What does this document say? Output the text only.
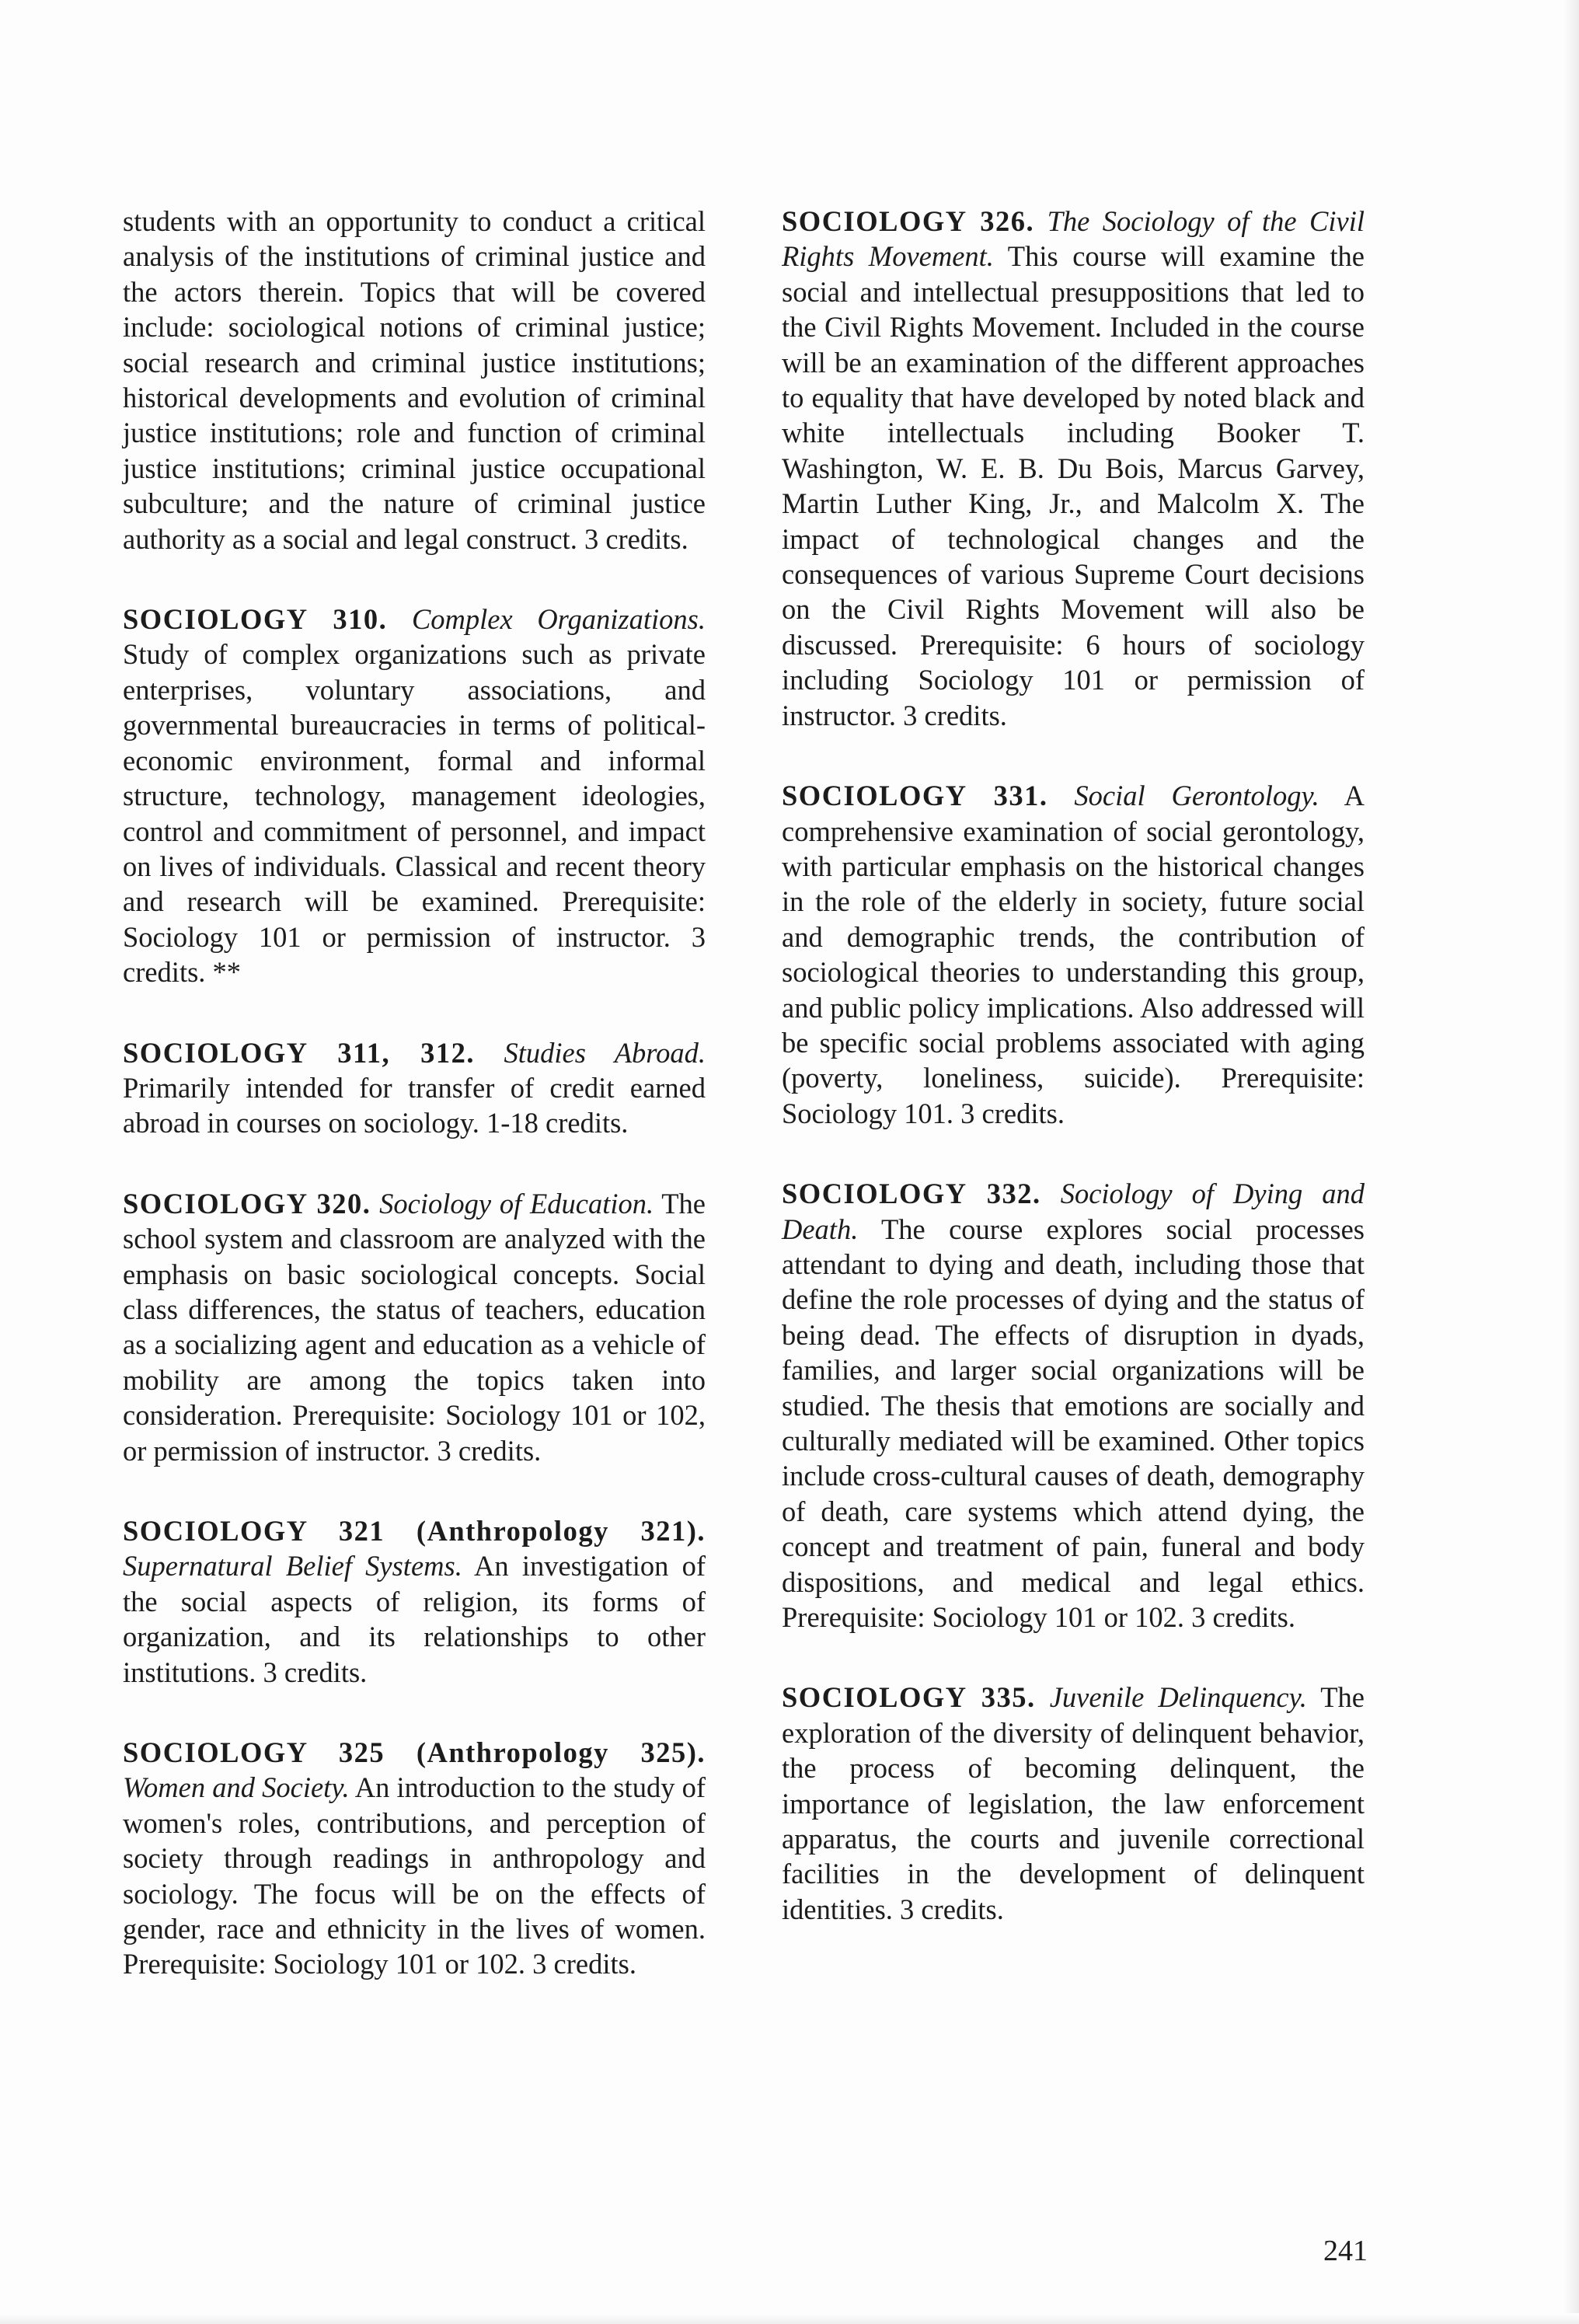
students with an opportunity to conduct a critical analysis of the institutions of criminal justice and the actors therein. Topics that will be covered include: sociological notions of criminal justice; social research and criminal justice institutions; historical developments and evolution of criminal justice institutions; role and function of criminal justice institutions; criminal justice occupational subculture; and the nature of criminal justice authority as a social and legal construct. 3 credits.

SOCIOLOGY 310. Complex Organizations. Study of complex organizations such as private enterprises, voluntary associations, and governmental bureaucracies in terms of political-economic environment, formal and informal structure, technology, management ideologies, control and commitment of personnel, and impact on lives of individuals. Classical and recent theory and research will be examined. Prerequisite: Sociology 101 or permission of instructor. 3 credits. **

SOCIOLOGY 311, 312. Studies Abroad. Primarily intended for transfer of credit earned abroad in courses on sociology. 1-18 credits.

SOCIOLOGY 320. Sociology of Education. The school system and classroom are analyzed with the emphasis on basic sociological concepts. Social class differences, the status of teachers, education as a socializing agent and education as a vehicle of mobility are among the topics taken into consideration. Prerequisite: Sociology 101 or 102, or permission of instructor. 3 credits.

SOCIOLOGY 321 (Anthropology 321). Supernatural Belief Systems. An investigation of the social aspects of religion, its forms of organization, and its relationships to other institutions. 3 credits.

SOCIOLOGY 325 (Anthropology 325). Women and Society. An introduction to the study of women's roles, contributions, and perception of society through readings in anthropology and sociology. The focus will be on the effects of gender, race and ethnicity in the lives of women. Prerequisite: Sociology 101 or 102. 3 credits.

SOCIOLOGY 326. The Sociology of the Civil Rights Movement. This course will examine the social and intellectual presuppositions that led to the Civil Rights Movement. Included in the course will be an examination of the different approaches to equality that have developed by noted black and white intellectuals including Booker T. Washington, W. E. B. Du Bois, Marcus Garvey, Martin Luther King, Jr., and Malcolm X. The impact of technological changes and the consequences of various Supreme Court decisions on the Civil Rights Movement will also be discussed. Prerequisite: 6 hours of sociology including Sociology 101 or permission of instructor. 3 credits.

SOCIOLOGY 331. Social Gerontology. A comprehensive examination of social gerontology, with particular emphasis on the historical changes in the role of the elderly in society, future social and demographic trends, the contribution of sociological theories to understanding this group, and public policy implications. Also addressed will be specific social problems associated with aging (poverty, loneliness, suicide). Prerequisite: Sociology 101. 3 credits.

SOCIOLOGY 332. Sociology of Dying and Death. The course explores social processes attendant to dying and death, including those that define the role processes of dying and the status of being dead. The effects of disruption in dyads, families, and larger social organizations will be studied. The thesis that emotions are socially and culturally mediated will be examined. Other topics include cross-cultural causes of death, demography of death, care systems which attend dying, the concept and treatment of pain, funeral and body dispositions, and medical and legal ethics. Prerequisite: Sociology 101 or 102. 3 credits.

SOCIOLOGY 335. Juvenile Delinquency. The exploration of the diversity of delinquent behavior, the process of becoming delinquent, the importance of legislation, the law enforcement apparatus, the courts and juvenile correctional facilities in the development of delinquent identities. 3 credits.

241
